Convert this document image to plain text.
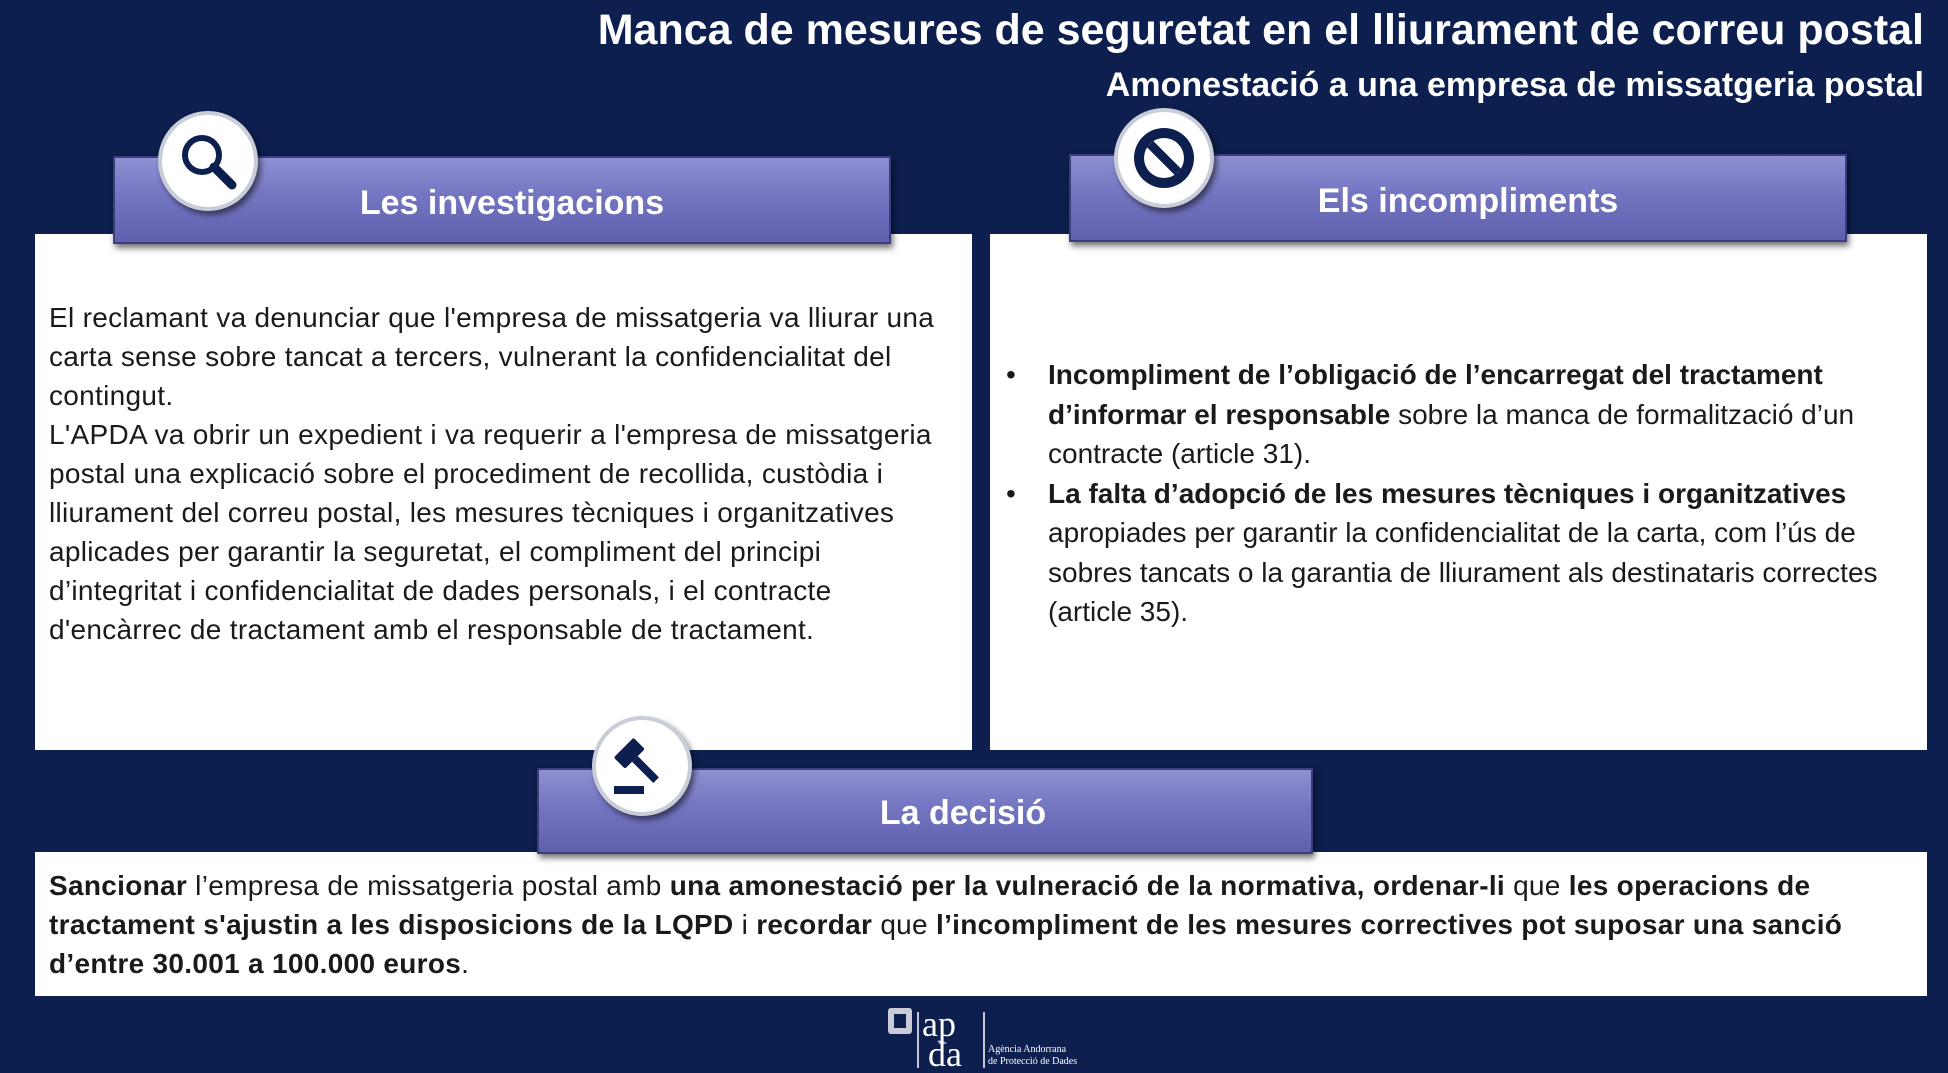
Manca de mesures de seguretat en el lliurament de correu postal
Amonestació a una empresa de missatgeria postal
El reclamant va denunciar que l'empresa de missatgeria va lliurar una carta sense sobre tancat a tercers, vulnerant la confidencialitat del contingut.
L'APDA va obrir un expedient i va requerir a l'empresa de missatgeria postal una explicació sobre el procediment de recollida, custòdia i lliurament del correu postal, les mesures tècniques i organitzatives aplicades per garantir la seguretat, el compliment del principi d’integritat i confidencialitat de dades personals, i el contracte d'encàrrec de tractament amb el responsable de tractament.
Les investigacions
• Incompliment de l’obligació de l’encarregat del tractament d’informar el responsable sobre la manca de formalització d’un contracte (article 31).
• La falta d’adopció de les mesures tècniques i organitzatives apropiades per garantir la confidencialitat de la carta, com l’ús de sobres tancats o la garantia de lliurament als destinataris correctes (article 35).
Els incompliments
Sancionar l’empresa de missatgeria postal amb una amonestació per la vulneració de la normativa, ordenar-li que les operacions de tractament s'ajustin a les disposicions de la LQPD i recordar que l’incompliment de les mesures correctives pot suposar una sanció d’entre 30.001 a 100.000 euros.
La decisió
ap
da	Agència Andorrana
de Protecció de Dades
